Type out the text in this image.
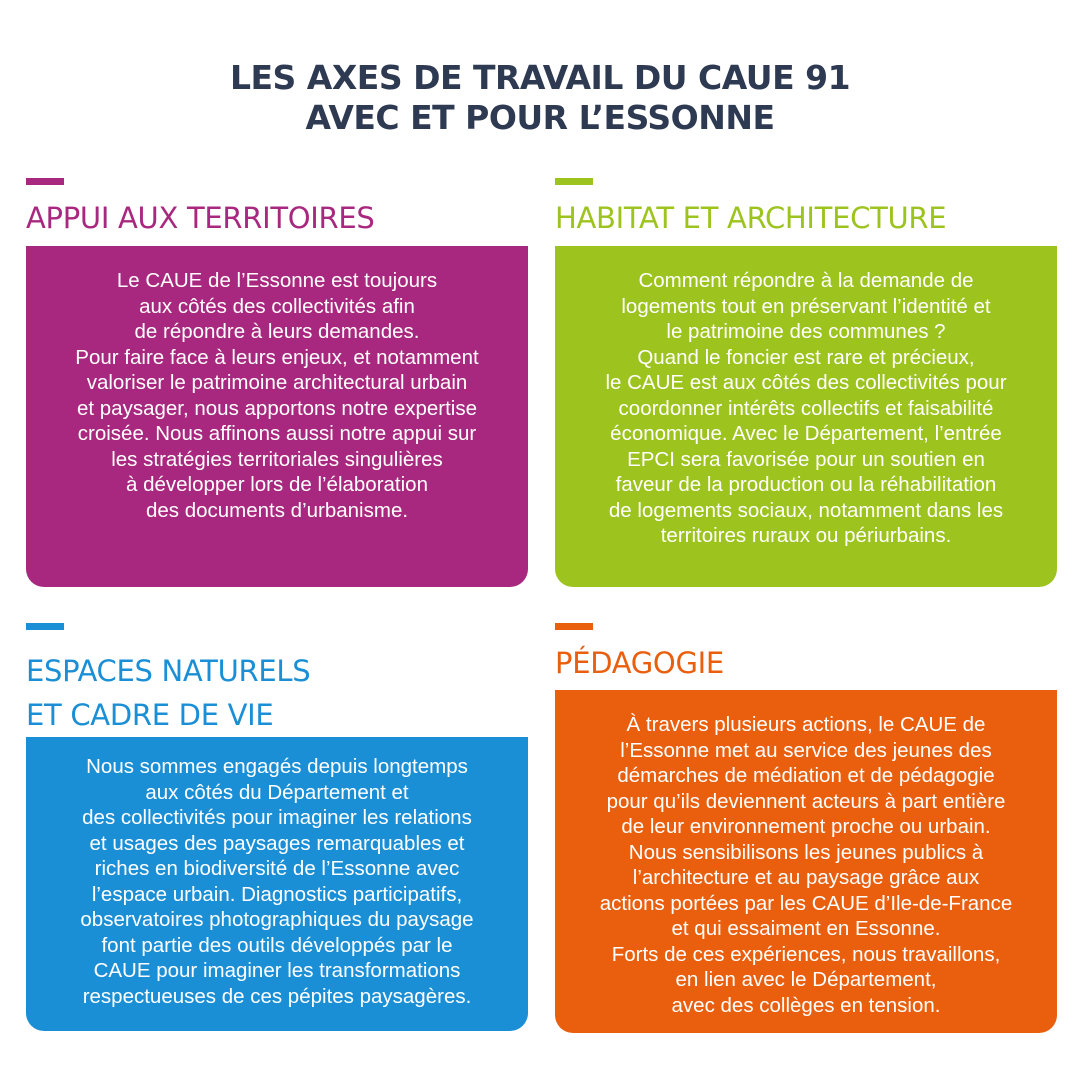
LES AXES DE TRAVAIL DU CAUE 91
AVEC ET POUR L’ESSONNE
APPUI AUX TERRITOIRES
Le CAUE de l’Essonne est toujours
aux côtés des collectivités afin
de répondre à leurs demandes.
Pour faire face à leurs enjeux, et notamment
valoriser le patrimoine architectural urbain
et paysager, nous apportons notre expertise
croisée. Nous affinons aussi notre appui sur
les stratégies territoriales singulières
à développer lors de l’élaboration
des documents d’urbanisme.
HABITAT ET ARCHITECTURE
Comment répondre à la demande de
logements tout en préservant l’identité et
le patrimoine des communes ?
Quand le foncier est rare et précieux,
le CAUE est aux côtés des collectivités pour
coordonner intérêts collectifs et faisabilité
économique. Avec le Département, l’entrée
EPCI sera favorisée pour un soutien en
faveur de la production ou la réhabilitation
de logements sociaux, notamment dans les
territoires ruraux ou périurbains.
ESPACES NATURELS
ET CADRE DE VIE
Nous sommes engagés depuis longtemps
aux côtés du Département et
des collectivités pour imaginer les relations
et usages des paysages remarquables et
riches en biodiversité de l’Essonne avec
l’espace urbain. Diagnostics participatifs,
observatoires photographiques du paysage
font partie des outils développés par le
CAUE pour imaginer les transformations
respectueuses de ces pépites paysagères.
PÉDAGOGIE
À travers plusieurs actions, le CAUE de
l’Essonne met au service des jeunes des
démarches de médiation et de pédagogie
pour qu’ils deviennent acteurs à part entière
de leur environnement proche ou urbain.
Nous sensibilisons les jeunes publics à
l’architecture et au paysage grâce aux
actions portées par les CAUE d’Ile-de-France
et qui essaiment en Essonne.
Forts de ces expériences, nous travaillons,
en lien avec le Département,
avec des collèges en tension.
